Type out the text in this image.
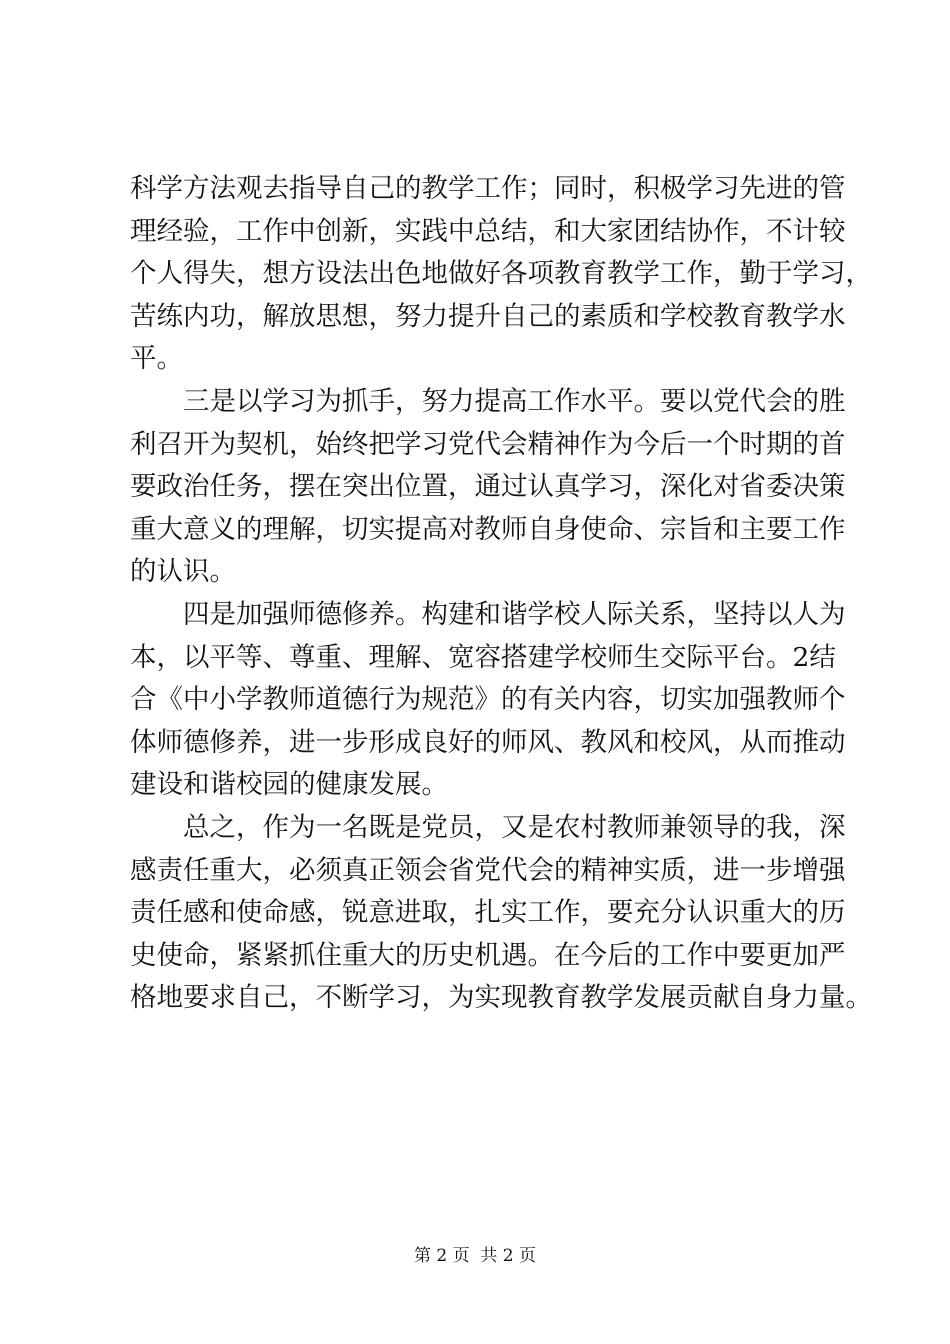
科学方法观去指导自己的教学工作；同时，积极学习先进的管
理经验，工作中创新，实践中总结，和大家团结协作，不计较
个人得失，想方设法出色地做好各项教育教学工作，勤于学习，
苦练内功，解放思想，努力提升自己的素质和学校教育教学水
平。
三是以学习为抓手，努力提高工作水平。要以党代会的胜
利召开为契机，始终把学习党代会精神作为今后一个时期的首
要政治任务，摆在突出位置，通过认真学习，深化对省委决策
重大意义的理解，切实提高对教师自身使命、宗旨和主要工作
的认识。
四是加强师德修养。构建和谐学校人际关系，坚持以人为
本，以平等、尊重、理解、宽容搭建学校师生交际平台。2结
合《中小学教师道德行为规范》的有关内容，切实加强教师个
体师德修养，进一步形成良好的师风、教风和校风，从而推动
建设和谐校园的健康发展。
总之，作为一名既是党员，又是农村教师兼领导的我，深
感责任重大，必须真正领会省党代会的精神实质，进一步增强
责任感和使命感，锐意进取，扎实工作，要充分认识重大的历
史使命，紧紧抓住重大的历史机遇。在今后的工作中要更加严
格地要求自己，不断学习，为实现教育教学发展贡献自身力量。
第 2 页  共 2 页
